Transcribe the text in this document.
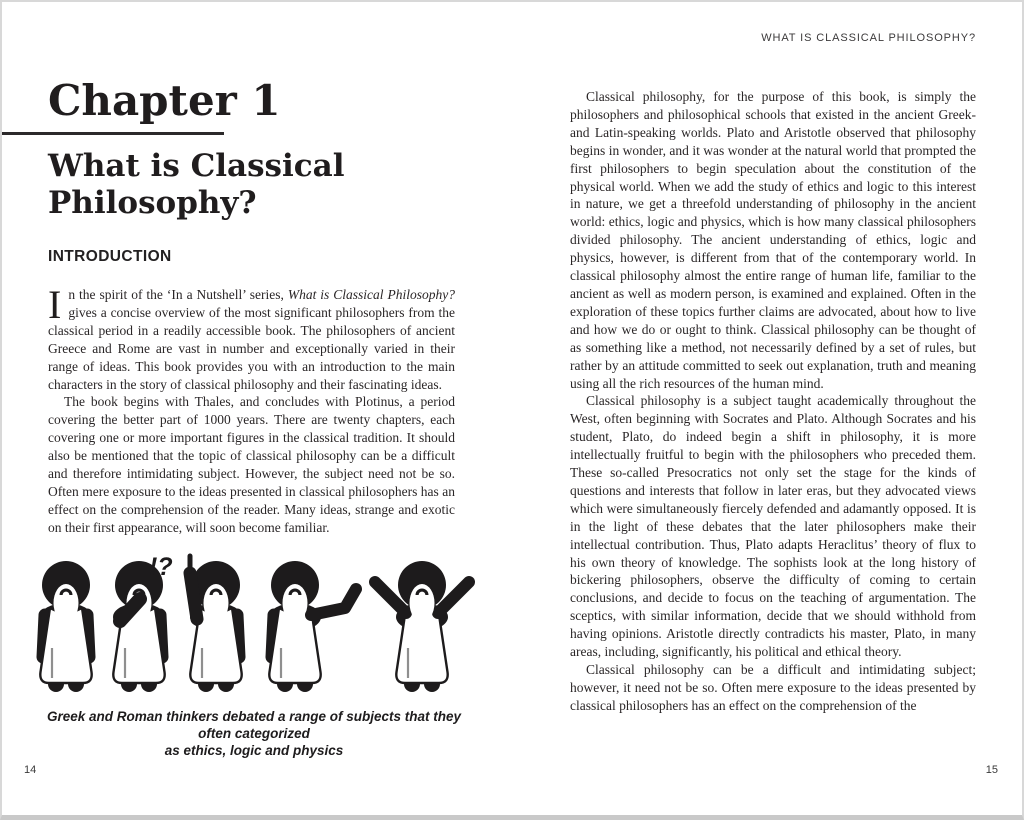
Chapter 1
What is Classical
Philosophy?
INTRODUCTION

In the spirit of the ‘In a Nutshell’ series, What is Classical Philosophy? gives a concise overview of the most significant philosophers from the classical period in a readily accessible book. The philosophers of ancient Greece and Rome are vast in number and exceptionally varied in their range of ideas. This book provides you with an introduction to the main characters in the story of classical philosophy and their fascinating ideas.

The book begins with Thales, and concludes with Plotinus, a period covering the better part of 1000 years. There are twenty chapters, each covering one or more important figures in the classical tradition. It should also be mentioned that the topic of classical philosophy can be a difficult and therefore intimidating subject. However, the subject need not be so. Often mere exposure to the ideas presented in classical philosophers has an effect on the comprehension of the reader. Many ideas, strange and exotic on their first appearance, will soon become familiar.

!?
Greek and Roman thinkers debated a range of subjects that they often categorized
as ethics, logic and physics
14
WHAT IS CLASSICAL PHILOSOPHY?

Classical philosophy, for the purpose of this book, is simply the philosophers and philosophical schools that existed in the ancient Greek- and Latin-speaking worlds. Plato and Aristotle observed that philosophy begins in wonder, and it was wonder at the natural world that prompted the first philosophers to begin speculation about the constitution of the physical world. When we add the study of ethics and logic to this interest in nature, we get a threefold understanding of philosophy in the ancient world: ethics, logic and physics, which is how many classical philosophers divided philosophy. The ancient understanding of ethics, logic and physics, however, is different from that of the contemporary world. In classical philosophy almost the entire range of human life, familiar to the ancient as well as modern person, is examined and explained. Often in the exploration of these topics further claims are advocated, about how to live and how we do or ought to think. Classical philosophy can be thought of as something like a method, not necessarily defined by a set of rules, but rather by an attitude committed to seek out explanation, truth and meaning using all the rich resources of the human mind.

Classical philosophy is a subject taught academically throughout the West, often beginning with Socrates and Plato. Although Socrates and his student, Plato, do indeed begin a shift in philosophy, it is more intellectually fruitful to begin with the philosophers who preceded them. These so-called Presocratics not only set the stage for the kinds of questions and interests that follow in later eras, but they advocated views which were simultaneously fiercely defended and adamantly opposed. It is in the light of these debates that the later philosophers make their intellectual contribution. Thus, Plato adapts Heraclitus’ theory of flux to his own theory of knowledge. The sophists look at the long history of bickering philosophers, observe the difficulty of coming to certain conclusions, and decide to focus on the teaching of argumentation. The sceptics, with similar information, decide that we should withhold from having opinions. Aristotle directly contradicts his master, Plato, in many areas, including, significantly, his political and ethical theory.

Classical philosophy can be a difficult and intimidating subject; however, it need not be so. Often mere exposure to the ideas presented by classical philosophers has an effect on the comprehension of the

15
